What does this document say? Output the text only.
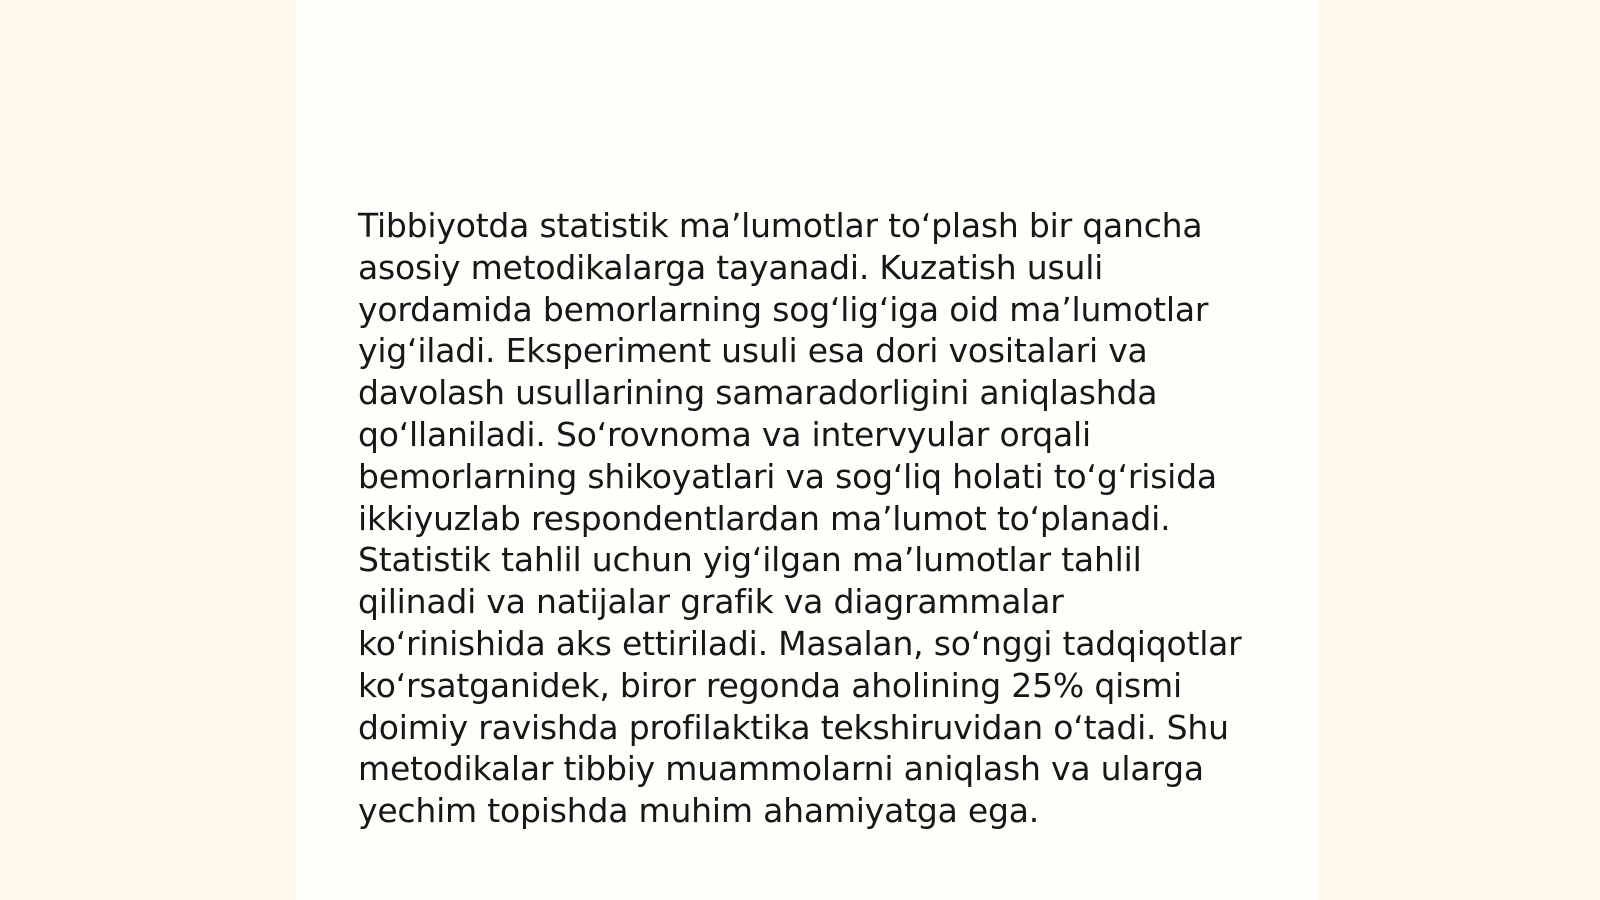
Tibbiyotda statistik ma’lumotlar to‘plash bir qancha
asosiy metodikalarga tayanadi. Kuzatish usuli
yordamida bemorlarning sog‘lig‘iga oid ma’lumotlar
yig‘iladi. Eksperiment usuli esa dori vositalari va
davolash usullarining samaradorligini aniqlashda
qo‘llaniladi. So‘rovnoma va intervyular orqali
bemorlarning shikoyatlari va sog‘liq holati to‘g‘risida
ikkiyuzlab respondentlardan ma’lumot to‘planadi.
Statistik tahlil uchun yig‘ilgan ma’lumotlar tahlil
qilinadi va natijalar grafik va diagrammalar
ko‘rinishida aks ettiriladi. Masalan, so‘nggi tadqiqotlar
ko‘rsatganidek, biror regonda aholining 25% qismi
doimiy ravishda profilaktika tekshiruvidan o‘tadi. Shu
metodikalar tibbiy muammolarni aniqlash va ularga
yechim topishda muhim ahamiyatga ega.
